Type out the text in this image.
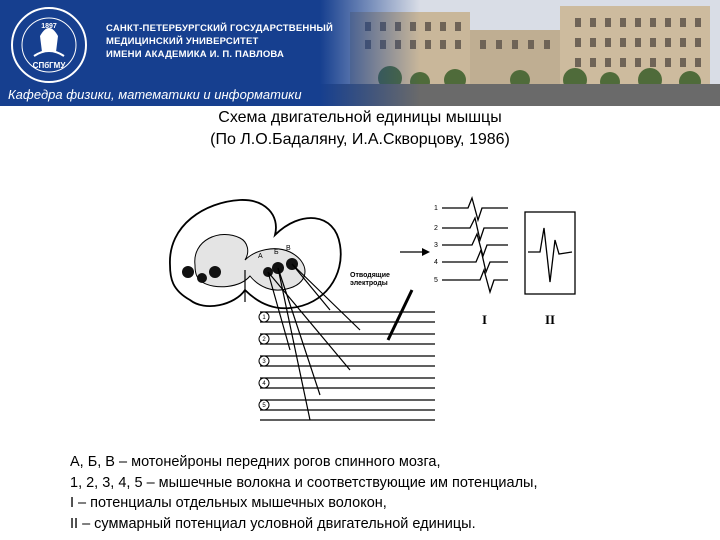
1897
СПбГМУ
САНКТ-ПЕТЕРБУРГСКИЙ ГОСУДАРСТВЕННЫЙ
МЕДИЦИНСКИЙ УНИВЕРСИТЕТ
ИМЕНИ АКАДЕМИКА И. П. ПАВЛОВА
Кафедра физики, математики и информатики
Схема двигательной единицы мышцы
(По Л.О.Бадаляну, И.А.Скворцову, 1986)
А
Б
В
1
2
3
4
5
Отводящие
электроды
1
2
3
4
5
I	II
А, Б, В – мотонейроны передних рогов спинного мозга,
1, 2, 3, 4, 5 – мышечные волокна и соответствующие им потенциалы,
I – потенциалы отдельных мышечных волокон,
II – суммарный потенциал условной двигательной единицы.
